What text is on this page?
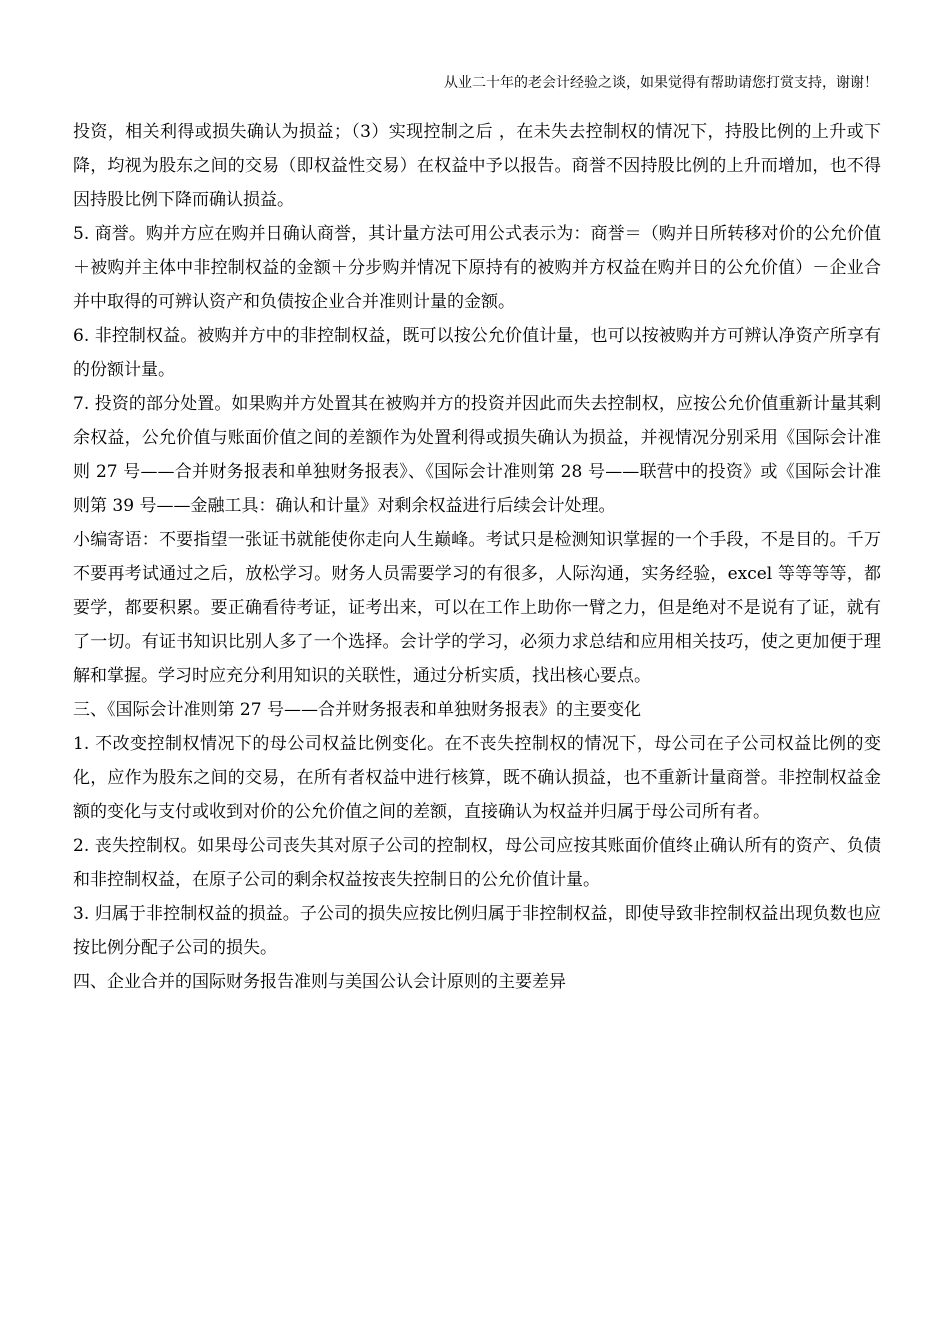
从业二十年的老会计经验之谈，如果觉得有帮助请您打赏支持，谢谢！

投资，相关利得或损失确认为损益；（3）实现控制之后 ，在未失去控制权的情况下，持股比例的上升或下降，均视为股东之间的交易（即权益性交易）在权益中予以报告。商誉不因持股比例的上升而增加，也不得因持股比例下降而确认损益。

5. 商誉。购并方应在购并日确认商誉，其计量方法可用公式表示为：商誉＝（购并日所转移对价的公允价值＋被购并主体中非控制权益的金额＋分步购并情况下原持有的被购并方权益在购并日的公允价值）－企业合并中取得的可辨认资产和负债按企业合并准则计量的金额。

6. 非控制权益。被购并方中的非控制权益，既可以按公允价值计量，也可以按被购并方可辨认净资产所享有的份额计量。

7. 投资的部分处置。如果购并方处置其在被购并方的投资并因此而失去控制权，应按公允价值重新计量其剩余权益，公允价值与账面价值之间的差额作为处置利得或损失确认为损益，并视情况分别采用《国际会计准则 27 号——合并财务报表和单独财务报表》、《国际会计准则第 28 号——联营中的投资》或《国际会计准则第 39 号——金融工具：确认和计量》对剩余权益进行后续会计处理。

小编寄语：不要指望一张证书就能使你走向人生巅峰。考试只是检测知识掌握的一个手段，不是目的。千万不要再考试通过之后，放松学习。财务人员需要学习的有很多，人际沟通，实务经验，excel 等等等等，都要学，都要积累。要正确看待考证，证考出来，可以在工作上助你一臂之力，但是绝对不是说有了证，就有了一切。有证书知识比别人多了一个选择。会计学的学习，必须力求总结和应用相关技巧，使之更加便于理解和掌握。学习时应充分利用知识的关联性，通过分析实质，找出核心要点。

三、《国际会计准则第 27 号——合并财务报表和单独财务报表》的主要变化

1. 不改变控制权情况下的母公司权益比例变化。在不丧失控制权的情况下，母公司在子公司权益比例的变化，应作为股东之间的交易，在所有者权益中进行核算，既不确认损益，也不重新计量商誉。非控制权益金额的变化与支付或收到对价的公允价值之间的差额，直接确认为权益并归属于母公司所有者。

2. 丧失控制权。如果母公司丧失其对原子公司的控制权，母公司应按其账面价值终止确认所有的资产、负债和非控制权益，在原子公司的剩余权益按丧失控制日的公允价值计量。

3. 归属于非控制权益的损益。子公司的损失应按比例归属于非控制权益，即使导致非控制权益出现负数也应按比例分配子公司的损失。

四、企业合并的国际财务报告准则与美国公认会计原则的主要差异
